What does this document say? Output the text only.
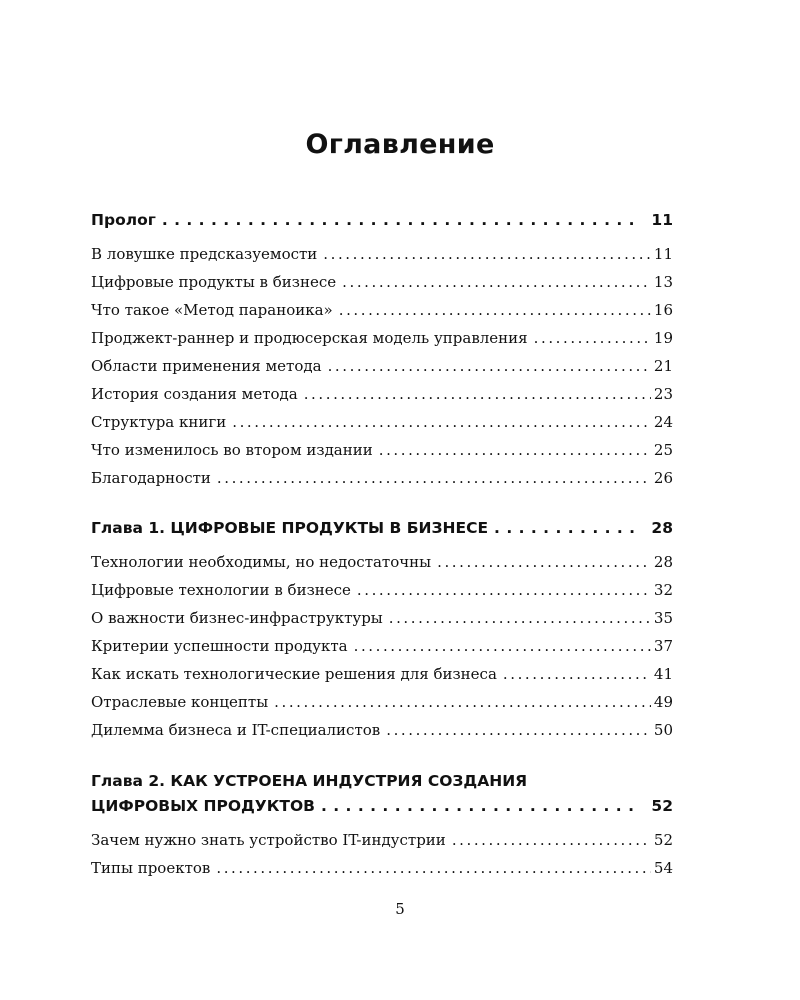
Оглавление
Пролог . . .	11
В ловушке предсказуемости . . .	11
Цифровые продукты в бизнесе . . .	13
Что такое «Метод параноика» . . .	16
Проджект-раннер и продюсерская модель управления . . .	19
Области применения метода . . .	21
История создания метода . . .	23
Структура книги . . .	24
Что изменилось во втором издании . . .	25
Благодарности . . .	26
Глава 1. ЦИФРОВЫЕ ПРОДУКТЫ В БИЗНЕСЕ . . .	28
Технологии необходимы, но недостаточны . . .	28
Цифровые технологии в бизнесе . . .	32
О важности бизнес-инфраструктуры . . .	35
Критерии успешности продукта . . .	37
Как искать технологические решения для бизнеса . . .	41
Отраслевые концепты . . .	49
Дилемма бизнеса и IT-специалистов . . .	50
Глава 2. КАК УСТРОЕНА ИНДУСТРИЯ СОЗДАНИЯ
ЦИФРОВЫХ ПРОДУКТОВ . . .	52
Зачем нужно знать устройство IT-индустрии . . .	52
Типы проектов . . .	54
5
